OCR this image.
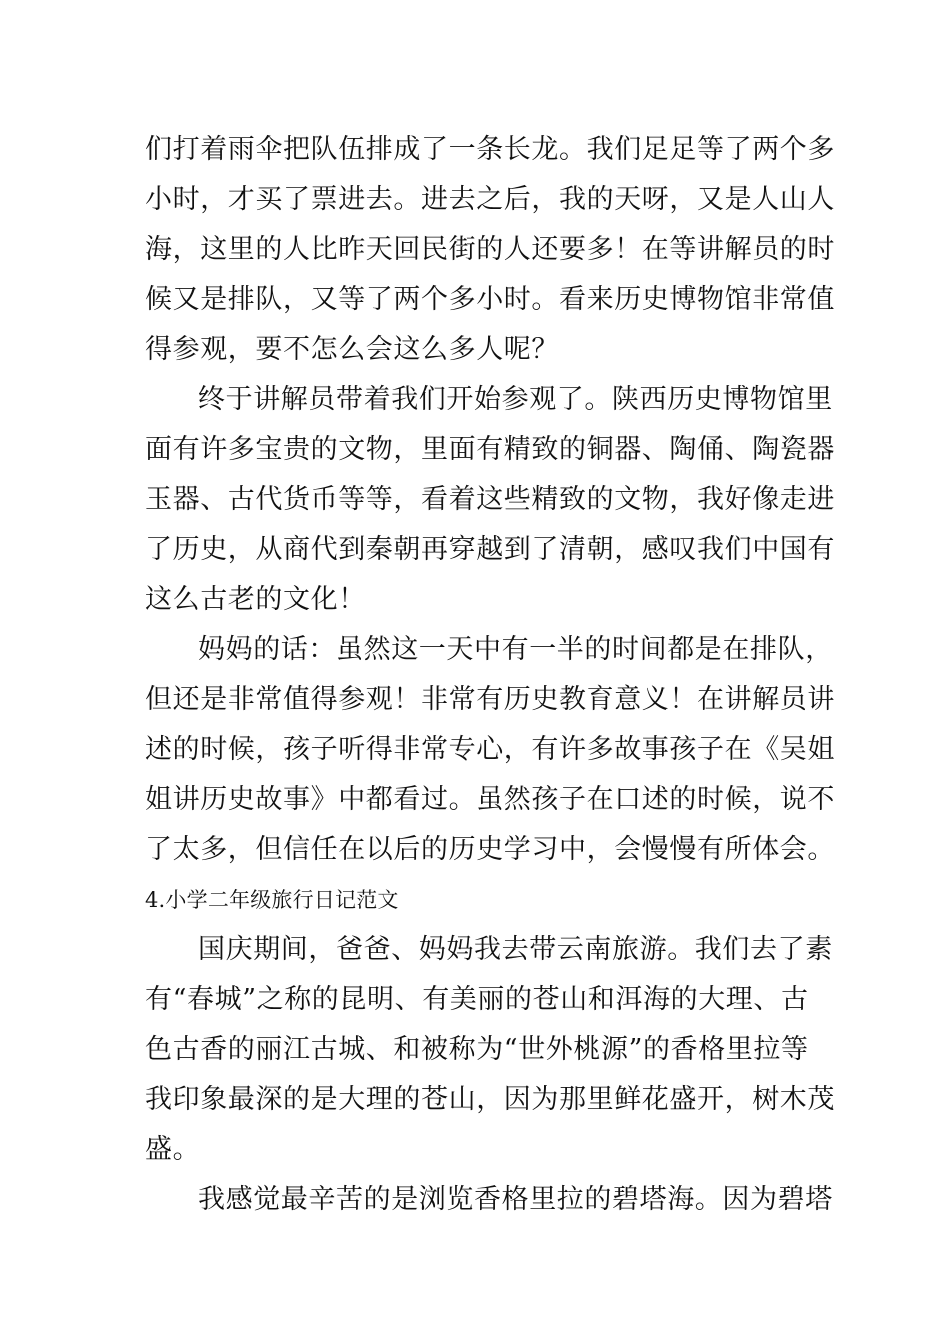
们打着雨伞把队伍排成了一条长龙。我们足足等了两个多
小时，才买了票进去。进去之后，我的天呀，又是人山人
海，这里的人比昨天回民街的人还要多！在等讲解员的时
候又是排队，又等了两个多小时。看来历史博物馆非常值
得参观，要不怎么会这么多人呢？
终于讲解员带着我们开始参观了。陕西历史博物馆里
面有许多宝贵的文物，里面有精致的铜器、陶俑、陶瓷器
玉器、古代货币等等，看着这些精致的文物，我好像走进
了历史，从商代到秦朝再穿越到了清朝，感叹我们中国有
这么古老的文化！
妈妈的话：虽然这一天中有一半的时间都是在排队，
但还是非常值得参观！非常有历史教育意义！在讲解员讲
述的时候，孩子听得非常专心，有许多故事孩子在《吴姐
姐讲历史故事》中都看过。虽然孩子在口述的时候，说不
了太多，但信任在以后的历史学习中，会慢慢有所体会。
4.小学二年级旅行日记范文
国庆期间，爸爸、妈妈我去带云南旅游。我们去了素
有“春城”之称的昆明、有美丽的苍山和洱海的大理、古
色古香的丽江古城、和被称为“世外桃源”的香格里拉等
我印象最深的是大理的苍山，因为那里鲜花盛开，树木茂
盛。
我感觉最辛苦的是浏览香格里拉的碧塔海。因为碧塔
